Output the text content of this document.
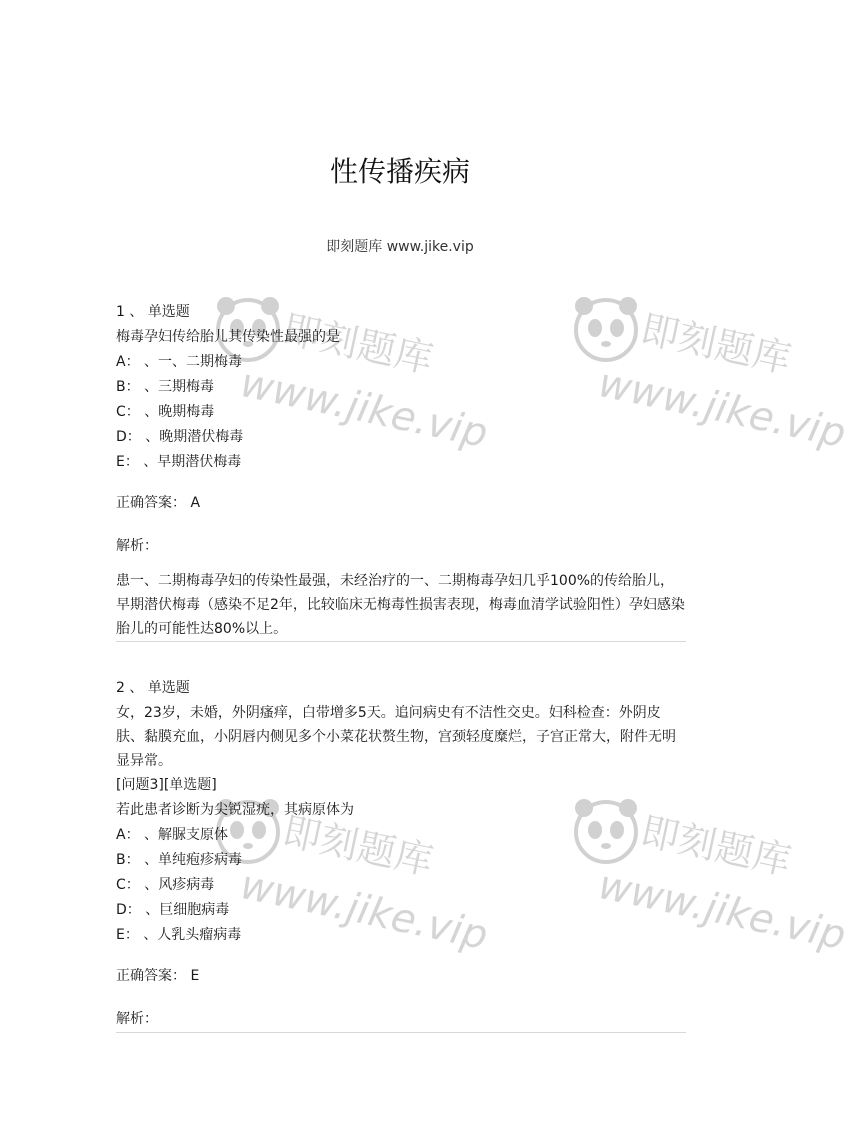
性传播疾病
即刻题库 www.jike.vip
即刻题库
www.jike.vip
即刻题库
www.jike.vip
即刻题库
www.jike.vip
即刻题库
www.jike.vip

1 、 单选题

梅毒孕妇传给胎儿其传染性最强的是

A： 、一、二期梅毒
B： 、三期梅毒
C： 、晚期梅毒
D： 、晚期潜伏梅毒
E： 、早期潜伏梅毒
正确答案： A
解析：

患一、二期梅毒孕妇的传染性最强，未经治疗的一、二期梅毒孕妇几乎100%的传给胎儿，早期潜伏梅毒（感染不足2年，比较临床无梅毒性损害表现，梅毒血清学试验阳性）孕妇感染胎儿的可能性达80%以上。

2 、 单选题

女，23岁，未婚，外阴瘙痒，白带增多5天。追问病史有不洁性交史。妇科检查：外阴皮肤、黏膜充血，小阴唇内侧见多个小菜花状赘生物，宫颈轻度糜烂，子宫正常大，附件无明显异常。

[问题3][单选题]

若此患者诊断为尖锐湿疣，其病原体为

A： 、解脲支原体
B： 、单纯疱疹病毒
C： 、风疹病毒
D： 、巨细胞病毒
E： 、人乳头瘤病毒
正确答案： E
解析：
